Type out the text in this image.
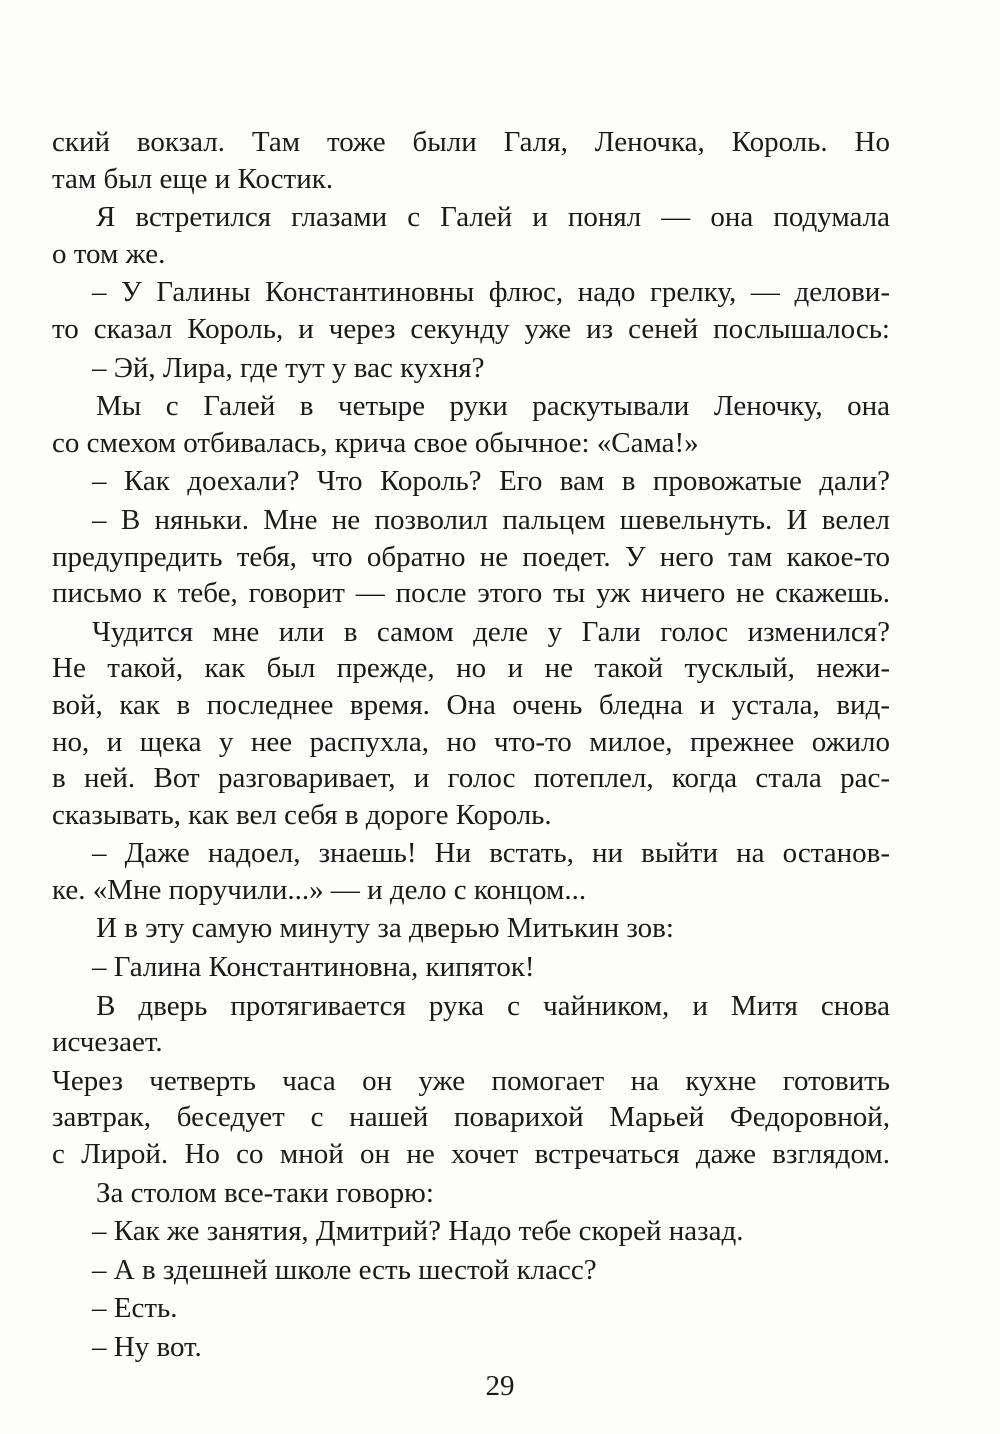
ский вокзал. Там тоже были Галя, Леночка, Король. Но
там был еще и Костик.
Я встретился глазами с Галей и понял — она подумала
о том же.
– У Галины Константиновны флюс, надо грелку, — делови-
то сказал Король, и через секунду уже из сеней послышалось:
– Эй, Лира, где тут у вас кухня?
Мы с Галей в четыре руки раскутывали Леночку, она
со смехом отбивалась, крича свое обычное: «Сама!»
– Как доехали? Что Король? Его вам в провожатые дали?
– В няньки. Мне не позволил пальцем шевельнуть. И велел
предупредить тебя, что обратно не поедет. У него там какое-то
письмо к тебе, говорит — после этого ты уж ничего не скажешь.
Чудится мне или в самом деле у Гали голос изменился?
Не такой, как был прежде, но и не такой тусклый, нежи-
вой, как в последнее время. Она очень бледна и устала, вид-
но, и щека у нее распухла, но что-то милое, прежнее ожило
в ней. Вот разговаривает, и голос потеплел, когда стала рас-
сказывать, как вел себя в дороге Король.
– Даже надоел, знаешь! Ни встать, ни выйти на останов-
ке. «Мне поручили...» — и дело с концом...
И в эту самую минуту за дверью Митькин зов:
– Галина Константиновна, кипяток!
В дверь протягивается рука с чайником, и Митя снова
исчезает.
Через четверть часа он уже помогает на кухне готовить
завтрак, беседует с нашей поварихой Марьей Федоровной,
с Лирой. Но со мной он не хочет встречаться даже взглядом.
За столом все-таки говорю:
– Как же занятия, Дмитрий? Надо тебе скорей назад.
– А в здешней школе есть шестой класс?
– Есть.
– Ну вот.
29
